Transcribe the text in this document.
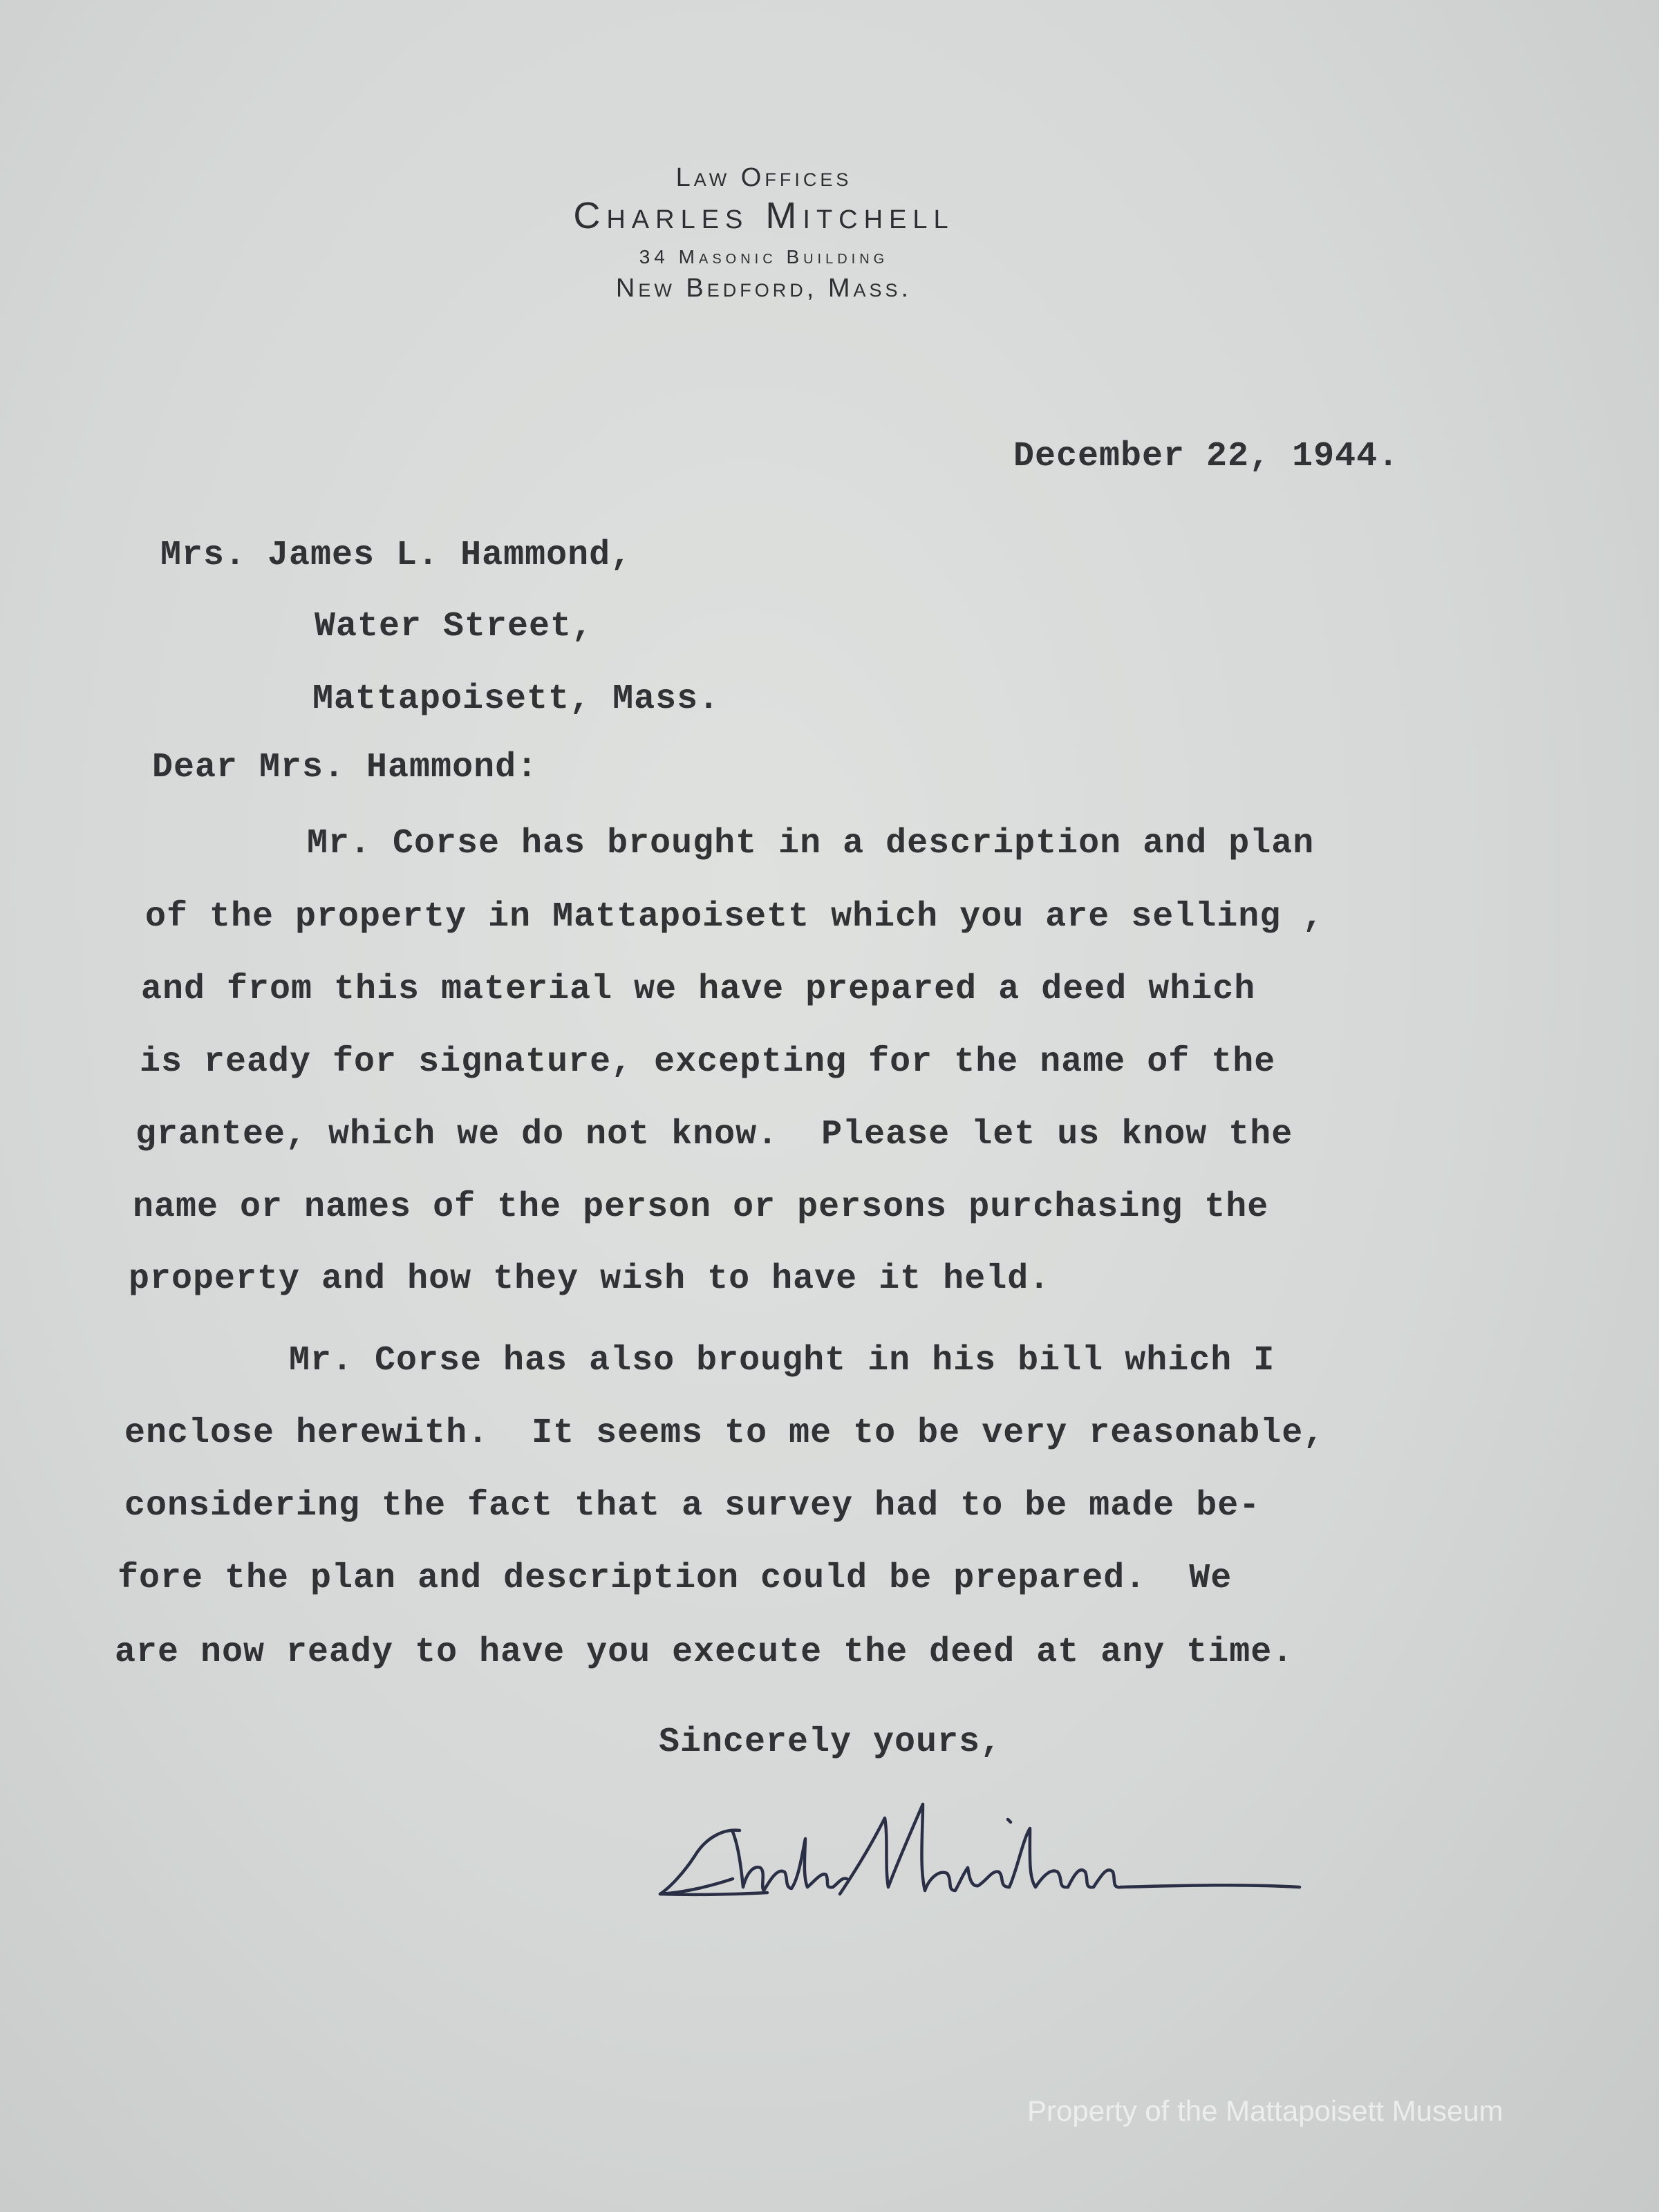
Law Offices
Charles Mitchell
34 Masonic Building
New Bedford, Mass.
December 22, 1944.
Mrs. James L. Hammond,
Water Street,
Mattapoisett, Mass.
Dear Mrs. Hammond:
Mr. Corse has brought in a description and plan
of the property in Mattapoisett which you are selling ,
and from this material we have prepared a deed which
is ready for signature, excepting for the name of the
grantee, which we do not know.  Please let us know the
name or names of the person or persons purchasing the
property and how they wish to have it held.
Mr. Corse has also brought in his bill which I
enclose herewith.  It seems to me to be very reasonable,
considering the fact that a survey had to be made be-
fore the plan and description could be prepared.  We
are now ready to have you execute the deed at any time.
Sincerely yours,
Property of the Mattapoisett Museum
